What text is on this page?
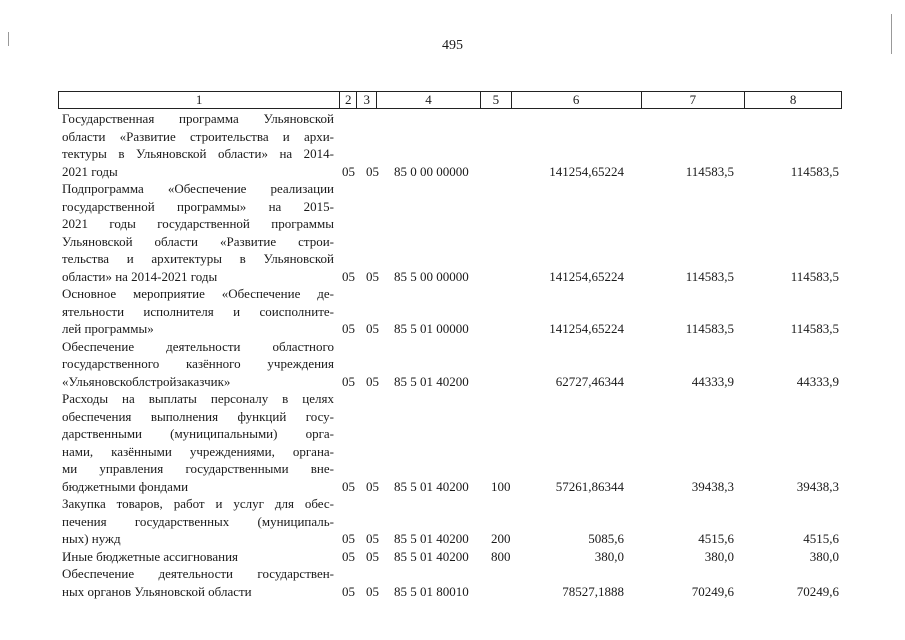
495
1	2 3	4	5	6	7	8
Государственная программа Ульяновской
области «Развитие строительства и архи-
тектуры в Ульяновской области» на 2014-
2021 годы	05 05 85 0 00 00000	141254,65224	114583,5	114583,5
Подпрограмма «Обеспечение реализации
государственной программы» на 2015-
2021 годы государственной программы
Ульяновской области «Развитие строи-
тельства и архитектуры в Ульяновской
области» на 2014-2021 годы	05 05 85 5 00 00000	141254,65224	114583,5	114583,5
Основное мероприятие «Обеспечение де-
ятельности исполнителя и соисполните-
лей программы»	05 05 85 5 01 00000	141254,65224	114583,5	114583,5
Обеспечение деятельности областного
государственного казённого учреждения
«Ульяновскоблстройзаказчик»	05 05 85 5 01 40200	62727,46344	44333,9	44333,9
Расходы на выплаты персоналу в целях
обеспечения выполнения функций госу-
дарственными (муниципальными) орга-
нами, казёнными учреждениями, органа-
ми управления государственными вне-
бюджетными фондами	05 05 85 5 01 40200 100	57261,86344	39438,3	39438,3
Закупка товаров, работ и услуг для обес-
печения государственных (муниципаль-
ных) нужд	05 05 85 5 01 40200 200	5085,6	4515,6	4515,6
Иные бюджетные ассигнования	05 05 85 5 01 40200 800	380,0	380,0	380,0
Обеспечение деятельности государствен-
ных органов Ульяновской области	05 05 85 5 01 80010	78527,1888	70249,6	70249,6
